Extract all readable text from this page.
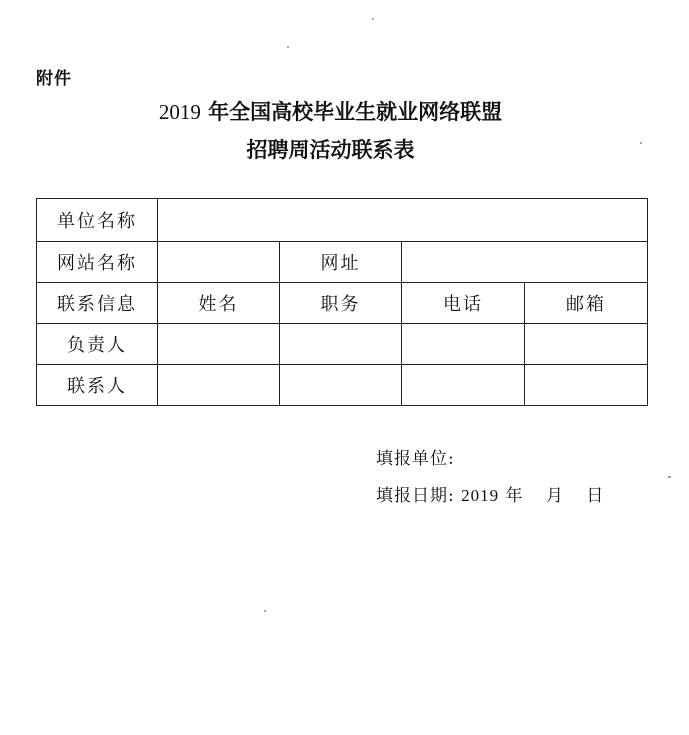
附件
2019 年全国高校毕业生就业网络联盟
招聘周活动联系表
单位名称				
网站名称		网址		
联系信息	姓名	职务	电话	邮箱
负责人				
联系人				
填报单位:
填报日期: 2019 年 月 日
